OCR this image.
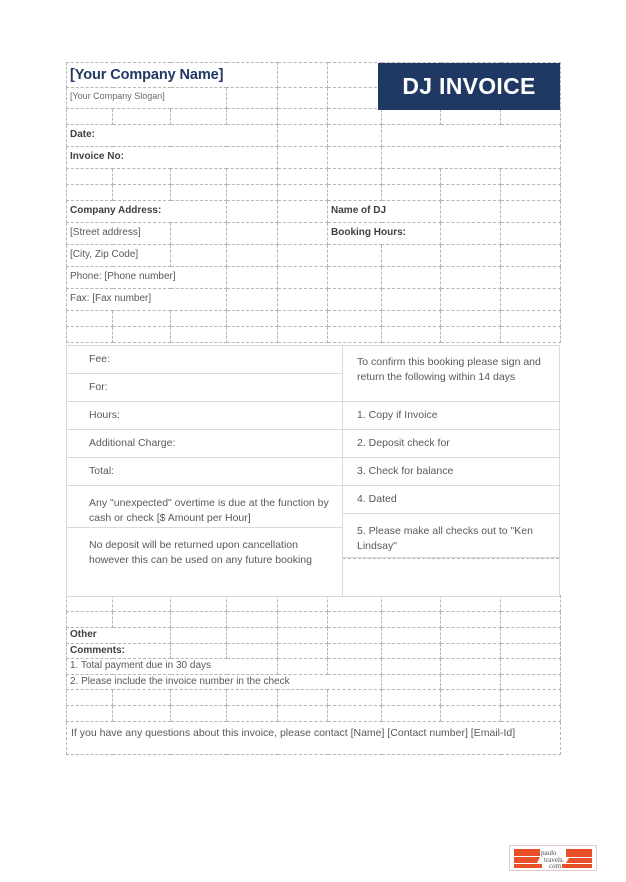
[Your Company Name]								

[Your Company Slogan]								

Date:								

Invoice No:								

Company Address:					Name of DJ			

[Street address]					Booking Hours:			

[City, Zip Code]								

Phone: [Phone number]								

Fax: [Fax number]								

Other								

Comments:								

1. Total payment due in 30 days								

2. Please include the invoice number in the check								

If you have any questions about this invoice, please contact [Name] [Contact number] [Email-Id]								
DJ INVOICE
Fee:
For:
Hours:
Additional Charge:
Total:
Any "unexpected" overtime is due at the function by cash or check [$ Amount per Hour]
No deposit will be returned upon cancellation however this can be used on any future booking
To confirm this booking please sign and return the following within 14 days
1. Copy if Invoice
2. Deposit check for
3. Check for balance
4. Dated
5. Please make all checks out to "Ken Lindsay"
paulo
travels.
com
